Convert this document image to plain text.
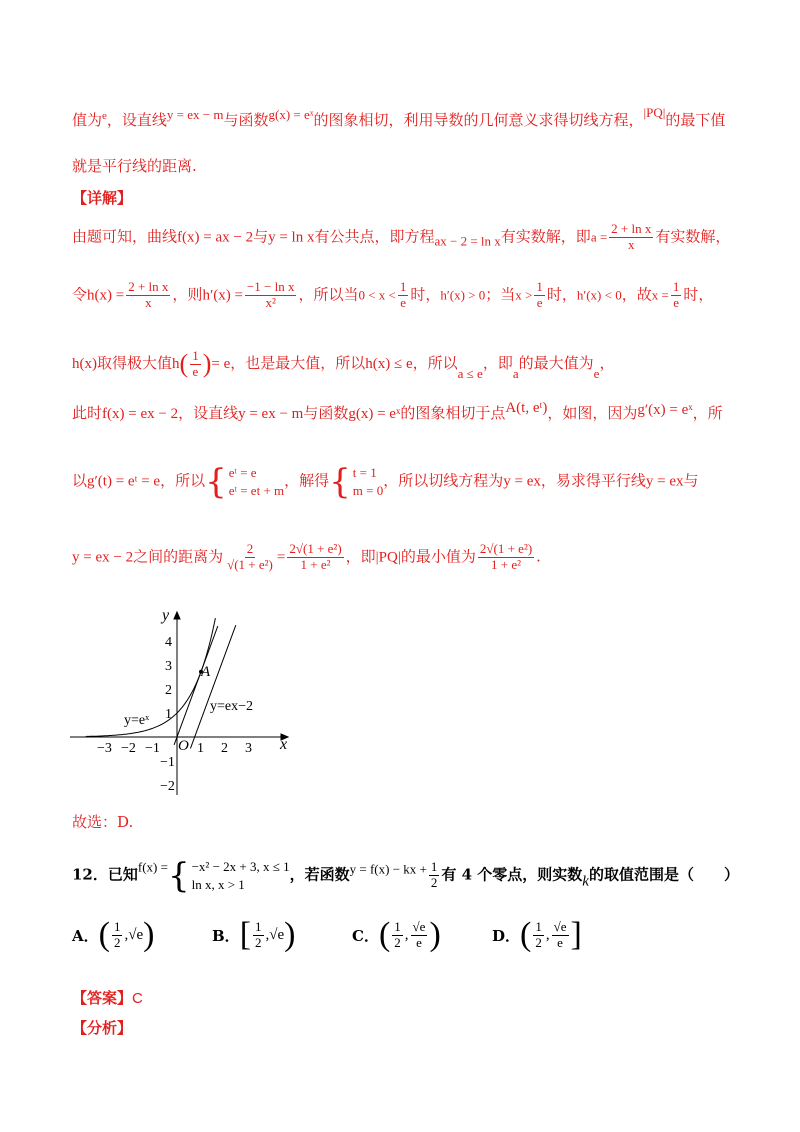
值为$^e$，设直线y = ex − m与函数g(x) = eˣ的图象相切，利用导数的几何意义求得切线方程，|PQ|的最下值
就是平行线的距离.
【详解】
由题可知，曲线f(x) = ax − 2与y = ln x有公共点，即方程ax − 2 = ln x有实数解，即$a = \frac{\text{2 + ln x}}{x}$ 有实数解，
令$h(x) = \frac{\text{2 + ln x}}{x}$ ，则$h'(x) = \frac{\text{−1 − ln x}}{\text{x²}}$ ，所以当$0 < x < \frac{1}{e}$ 时，h′(x) > 0；当$x > \frac{1}{e}$ 时，h′(x) < 0，故$x = \frac{1}{e}$ 时，
h(x)取得极大值$h( \frac{1}{e}$ )= e，也是最大值，所以h(x) ≤ e，所以a ≤ e，即a的最大值为e，
此时f(x) = ex − 2，设直线y = ex − m与函数g(x) = eˣ的图象相切于点A(t, eᵗ)，如图，因为g′(x) = eˣ，所
以g′(t) = eᵗ = e，所以 { eᵗ = e
eᵗ = et + m
，解得 { t = 1
m = 0
，所以切线方程为y = ex，易求得平行线y = ex与
y = ex − 2之间的距离为 $\frac{2}{\text{√(1 + e²)}} = \frac{\text{2√(1 + e²)}}{\text{1 + e²}}$ ，即|PQ|的最小值为 $\frac{\text{2√(1 + e²)}}{\text{1 + e²}}$ .
y
x
O
A
y=eˣ
y=ex−2
−3 −2 −1	1 2 3
4
3
2
1
−1
−2
故选：D.
12．已知f(x) = { −x² − 2x + 3, x ≤ 1
ln x, x > 1
，若函数y = f(x) − kx + $\frac{1}{2}$ 有 4 个零点，则实数k的取值范围是（　　）
A． ( $\frac{1}{2}$ , √e )	B． [ $\frac{1}{2}$ , √e )	C． ( $\frac{1}{2}$ , $\frac{√e}{e}$ )	D． ( $\frac{1}{2}$ , $\frac{√e}{e}$ ]
【答案】C
【分析】
